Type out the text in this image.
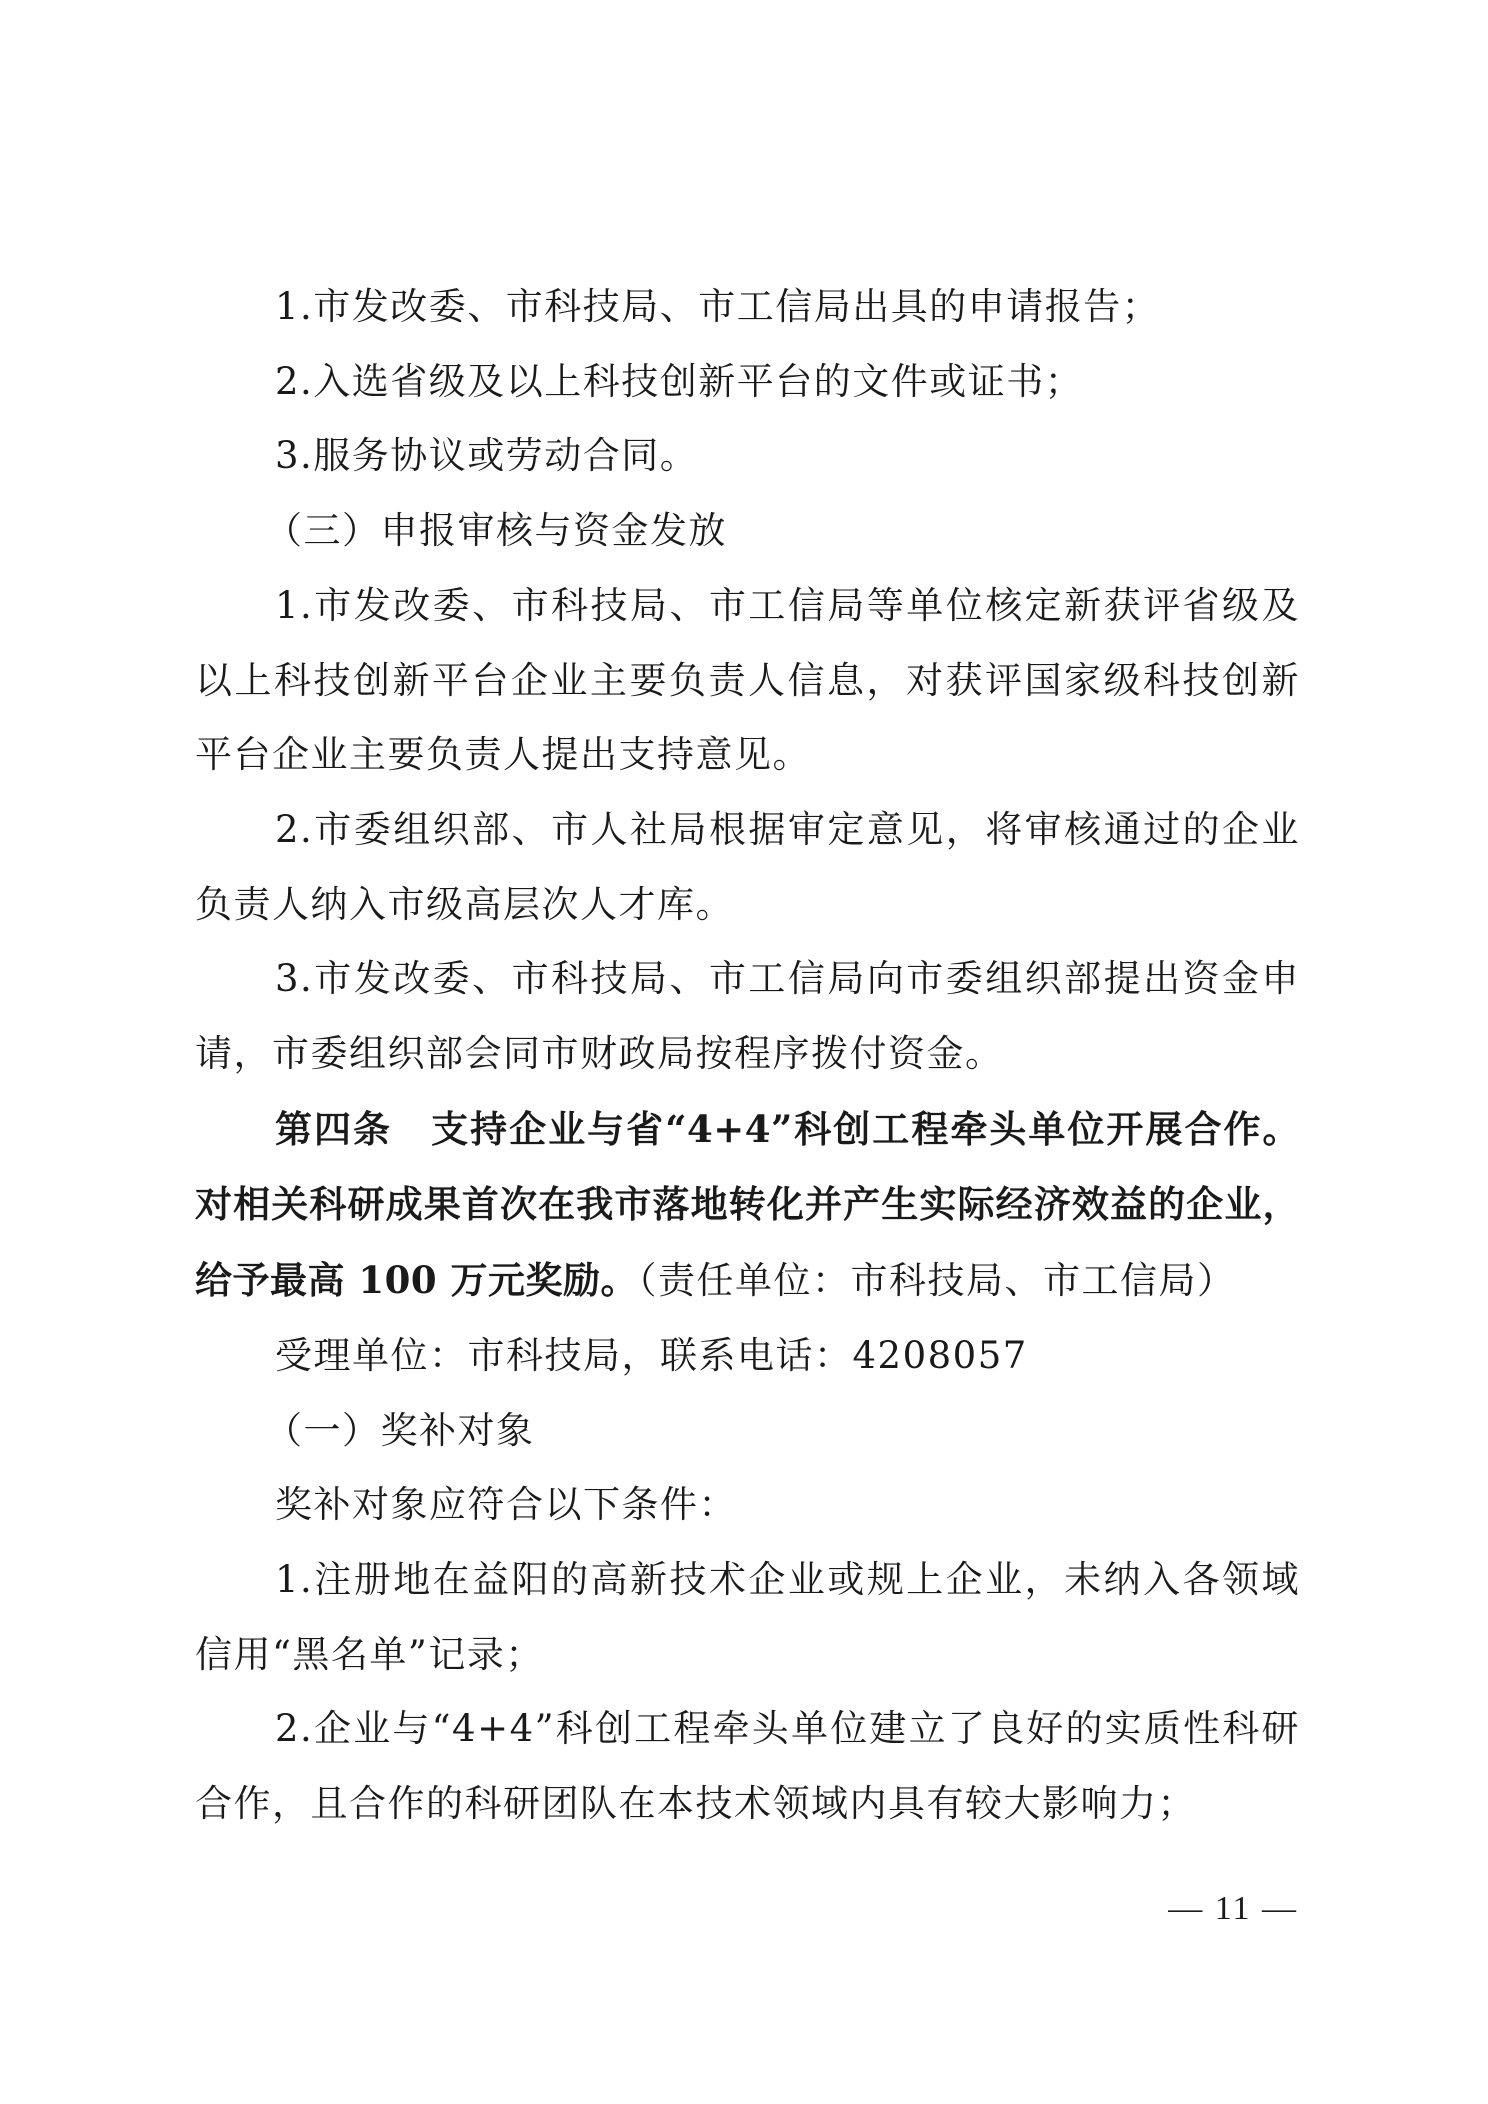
1.市发改委、市科技局、市工信局出具的申请报告；

2.入选省级及以上科技创新平台的文件或证书；

3.服务协议或劳动合同。

（三）申报审核与资金发放

1.市发改委、市科技局、市工信局等单位核定新获评省级及以上科技创新平台企业主要负责人信息，对获评国家级科技创新平台企业主要负责人提出支持意见。

2.市委组织部、市人社局根据审定意见，将审核通过的企业负责人纳入市级高层次人才库。

3.市发改委、市科技局、市工信局向市委组织部提出资金申请，市委组织部会同市财政局按程序拨付资金。

第四条　支持企业与省“4+4”科创工程牵头单位开展合作。对相关科研成果首次在我市落地转化并产生实际经济效益的企业，给予最高 100 万元奖励。（责任单位：市科技局、市工信局）

受理单位：市科技局，联系电话：4208057

（一）奖补对象

奖补对象应符合以下条件：

1.注册地在益阳的高新技术企业或规上企业，未纳入各领域信用“黑名单”记录；

2.企业与“4+4”科创工程牵头单位建立了良好的实质性科研合作，且合作的科研团队在本技术领域内具有较大影响力；

— 11 —
